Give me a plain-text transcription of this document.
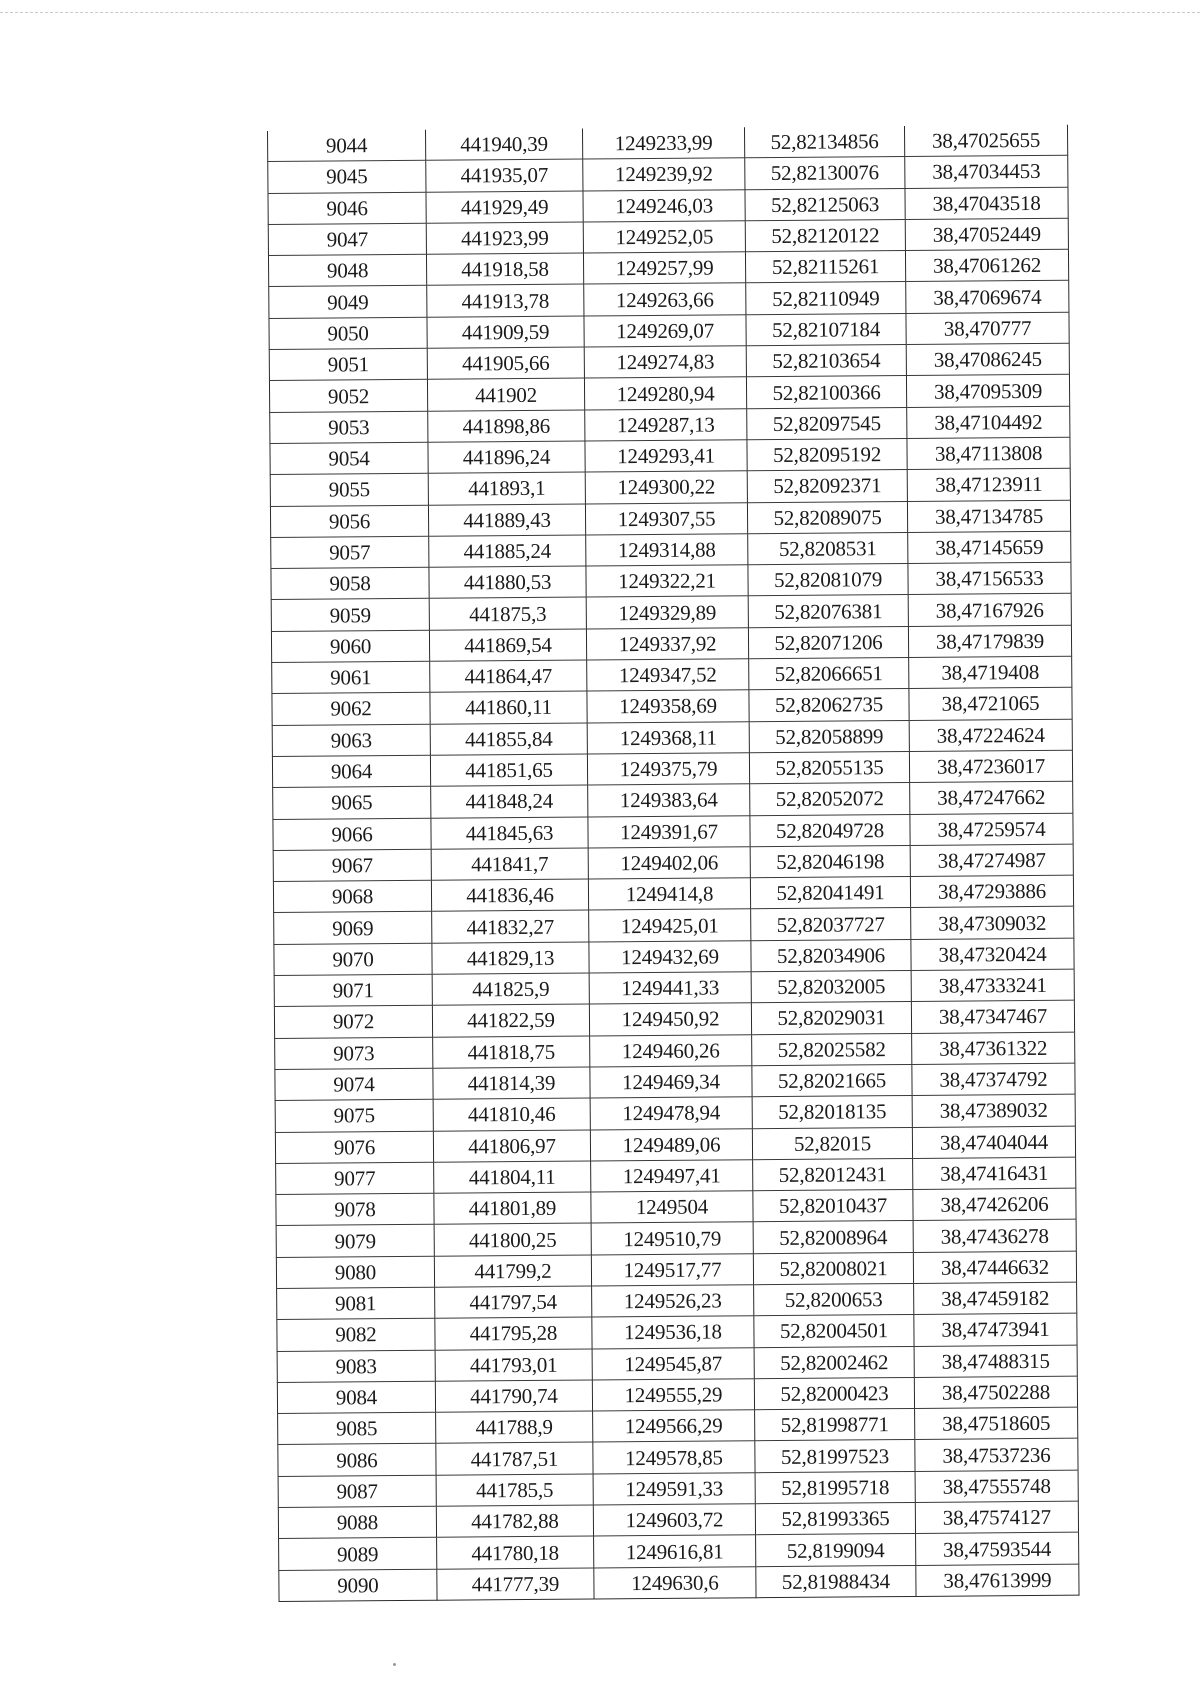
9044	441940,39	1249233,99	52,82134856	38,47025655
9045	441935,07	1249239,92	52,82130076	38,47034453
9046	441929,49	1249246,03	52,82125063	38,47043518
9047	441923,99	1249252,05	52,82120122	38,47052449
9048	441918,58	1249257,99	52,82115261	38,47061262
9049	441913,78	1249263,66	52,82110949	38,47069674
9050	441909,59	1249269,07	52,82107184	38,470777
9051	441905,66	1249274,83	52,82103654	38,47086245
9052	441902	1249280,94	52,82100366	38,47095309
9053	441898,86	1249287,13	52,82097545	38,47104492
9054	441896,24	1249293,41	52,82095192	38,47113808
9055	441893,1	1249300,22	52,82092371	38,47123911
9056	441889,43	1249307,55	52,82089075	38,47134785
9057	441885,24	1249314,88	52,8208531	38,47145659
9058	441880,53	1249322,21	52,82081079	38,47156533
9059	441875,3	1249329,89	52,82076381	38,47167926
9060	441869,54	1249337,92	52,82071206	38,47179839
9061	441864,47	1249347,52	52,82066651	38,4719408
9062	441860,11	1249358,69	52,82062735	38,4721065
9063	441855,84	1249368,11	52,82058899	38,47224624
9064	441851,65	1249375,79	52,82055135	38,47236017
9065	441848,24	1249383,64	52,82052072	38,47247662
9066	441845,63	1249391,67	52,82049728	38,47259574
9067	441841,7	1249402,06	52,82046198	38,47274987
9068	441836,46	1249414,8	52,82041491	38,47293886
9069	441832,27	1249425,01	52,82037727	38,47309032
9070	441829,13	1249432,69	52,82034906	38,47320424
9071	441825,9	1249441,33	52,82032005	38,47333241
9072	441822,59	1249450,92	52,82029031	38,47347467
9073	441818,75	1249460,26	52,82025582	38,47361322
9074	441814,39	1249469,34	52,82021665	38,47374792
9075	441810,46	1249478,94	52,82018135	38,47389032
9076	441806,97	1249489,06	52,82015	38,47404044
9077	441804,11	1249497,41	52,82012431	38,47416431
9078	441801,89	1249504	52,82010437	38,47426206
9079	441800,25	1249510,79	52,82008964	38,47436278
9080	441799,2	1249517,77	52,82008021	38,47446632
9081	441797,54	1249526,23	52,8200653	38,47459182
9082	441795,28	1249536,18	52,82004501	38,47473941
9083	441793,01	1249545,87	52,82002462	38,47488315
9084	441790,74	1249555,29	52,82000423	38,47502288
9085	441788,9	1249566,29	52,81998771	38,47518605
9086	441787,51	1249578,85	52,81997523	38,47537236
9087	441785,5	1249591,33	52,81995718	38,47555748
9088	441782,88	1249603,72	52,81993365	38,47574127
9089	441780,18	1249616,81	52,8199094	38,47593544
9090	441777,39	1249630,6	52,81988434	38,47613999
